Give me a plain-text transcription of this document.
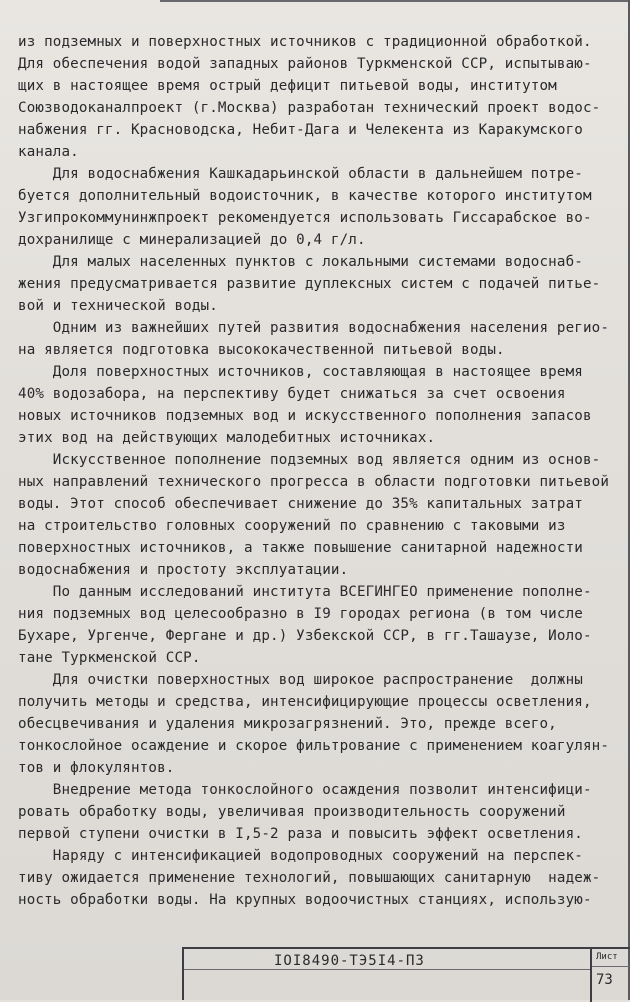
из подземных и поверхностных источников с традиционной обработкой.
Для обеспечения водой западных районов Туркменской ССР, испытываю-
щих в настоящее время острый дефицит питьевой воды, институтом
Союзводоканалпроект (г.Москва) разработан технический проект водос-
набжения гг. Красноводска, Небит-Дага и Челекента из Каракумского
канала.
Для водоснабжения Кашкадарьинской области в дальнейшем потре-
буется дополнительный водоисточник, в качестве которого институтом
Узгипрокоммунинжпроект рекомендуется использовать Гиссарабское во-
дохранилище с минерализацией до 0,4 г/л.
Для малых населенных пунктов с локальными системами водоснаб-
жения предусматривается развитие дуплексных систем с подачей питье-
вой и технической воды.
Одним из важнейших путей развития водоснабжения населения регио-
на является подготовка высококачественной питьевой воды.
Доля поверхностных источников, составляющая в настоящее время
40% водозабора, на перспективу будет снижаться за счет освоения
новых источников подземных вод и искусственного пополнения запасов
этих вод на действующих малодебитных источниках.
Искусственное пополнение подземных вод является одним из основ-
ных направлений технического прогресса в области подготовки питьевой
воды. Этот способ обеспечивает снижение до 35% капитальных затрат
на строительство головных сооружений по сравнению с таковыми из
поверхностных источников, а также повышение санитарной надежности
водоснабжения и простоту эксплуатации.
По данным исследований института ВСЕГИНГЕО применение пополне-
ния подземных вод целесообразно в I9 городах региона (в том числе
Бухаре, Ургенче, Фергане и др.) Узбекской ССР, в гг.Ташаузе, Иоло-
тане Туркменской ССР.
Для очистки поверхностных вод широкое распространение  должны
получить методы и средства, интенсифицирующие процессы осветления,
обесцвечивания и удаления микрозагрязнений. Это, прежде всего,
тонкослойное осаждение и скорое фильтрование с применением коагулян-
тов и флокулянтов.
Внедрение метода тонкослойного осаждения позволит интенсифици-
ровать обработку воды, увеличивая производительность сооружений
первой ступени очистки в I,5-2 раза и повысить эффект осветления.
Наряду с интенсификацией водопроводных сооружений на перспек-
тиву ожидается применение технологий, повышающих санитарную  надеж-
ность обработки воды. На крупных водоочистных станциях, использую-
IOI8490-ТЭ5I4-ПЗ	Лист
73
